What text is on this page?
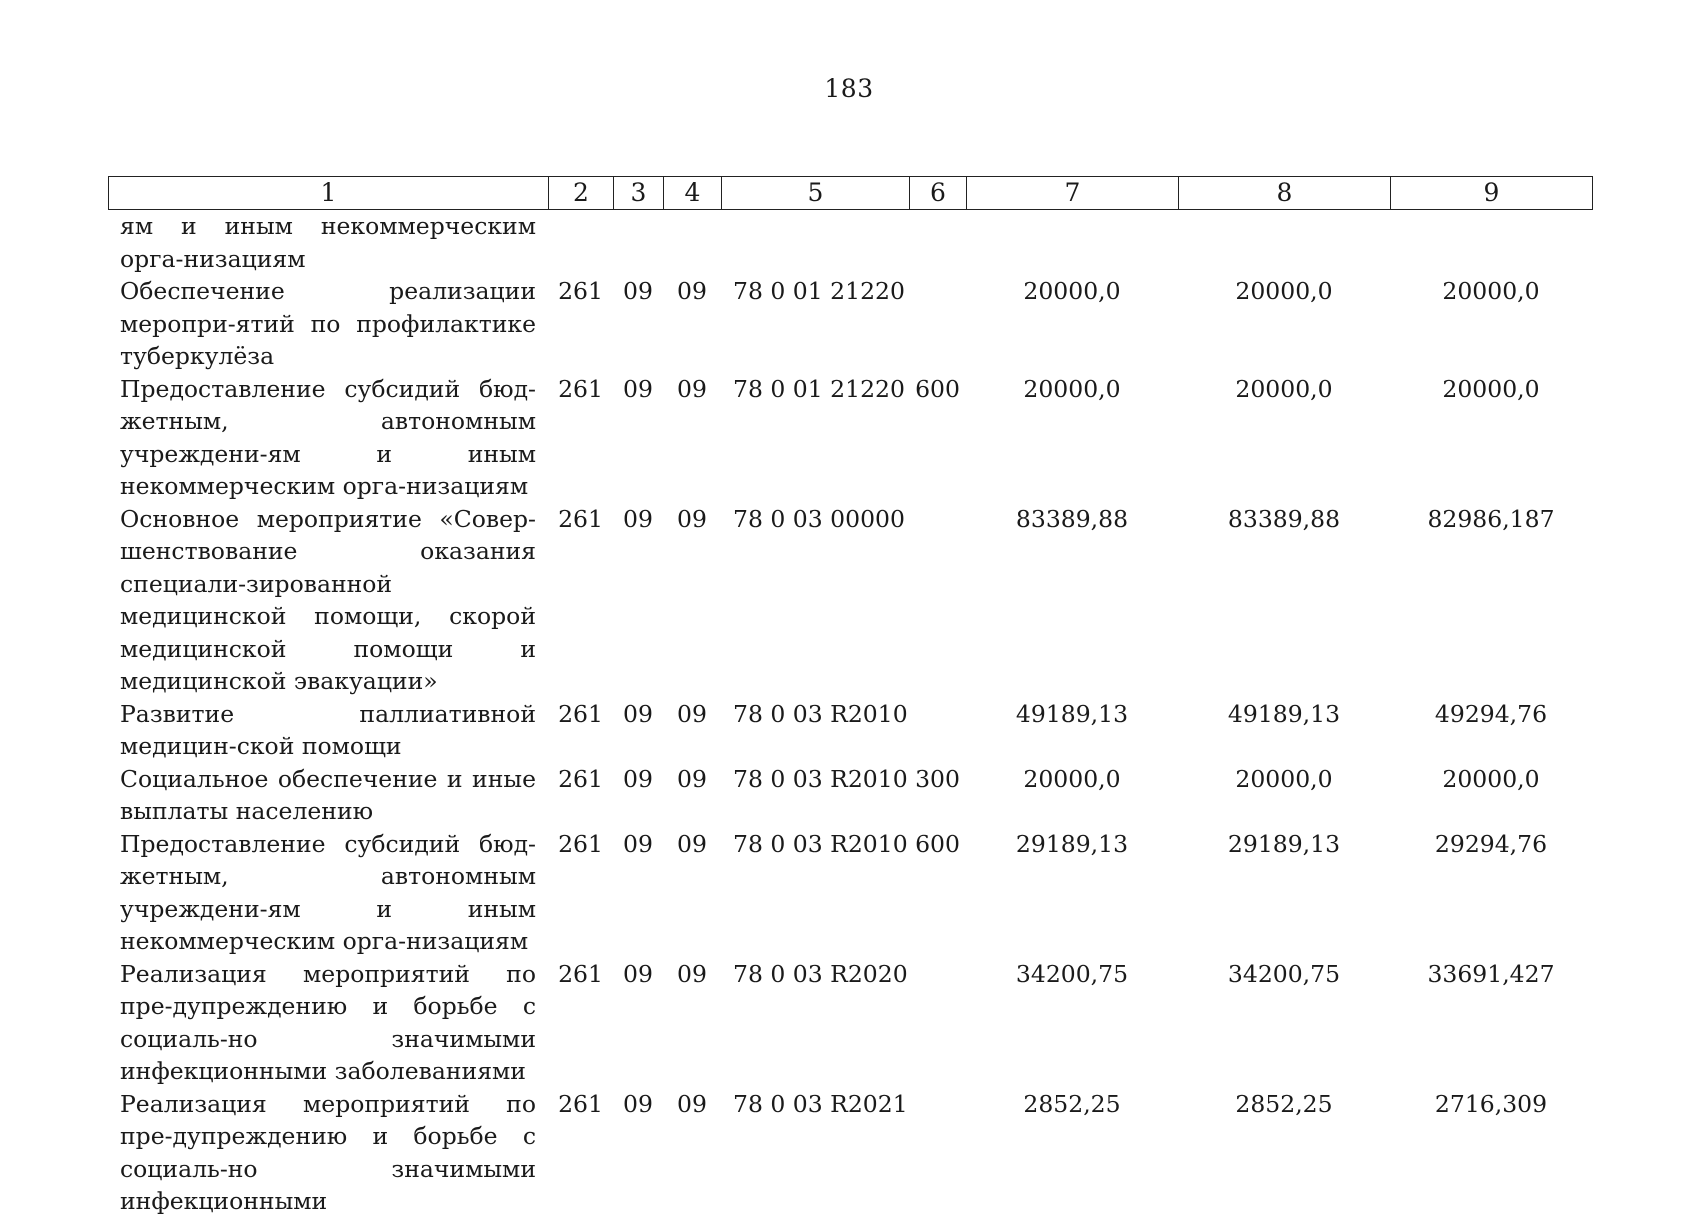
183
1	2	3	4	5	6	7	8	9
ям и иным некоммерческим орга-низациям								
Обеспечение реализации меропри-ятий по профилактике туберкулёза	261	09	09	78 0 01 21220		20000,0	20000,0	20000,0
Предоставление субсидий бюд-жетным, автономным учреждени-ям и иным некоммерческим орга-низациям	261	09	09	78 0 01 21220	600	20000,0	20000,0	20000,0
Основное мероприятие «Совер-шенствование оказания специали-зированной медицинской помощи, скорой медицинской помощи и медицинской эвакуации»	261	09	09	78 0 03 00000		83389,88	83389,88	82986,187
Развитие паллиативной медицин-ской помощи	261	09	09	78 0 03 R2010		49189,13	49189,13	49294,76
Социальное обеспечение и иные выплаты населению	261	09	09	78 0 03 R2010	300	20000,0	20000,0	20000,0
Предоставление субсидий бюд-жетным, автономным учреждени-ям и иным некоммерческим орга-низациям	261	09	09	78 0 03 R2010	600	29189,13	29189,13	29294,76
Реализация мероприятий по пре-дупреждению и борьбе с социаль-но значимыми инфекционными заболеваниями	261	09	09	78 0 03 R2020		34200,75	34200,75	33691,427
Реализация мероприятий по пре-дупреждению и борьбе с социаль-но значимыми инфекционными	261	09	09	78 0 03 R2021		2852,25	2852,25	2716,309
